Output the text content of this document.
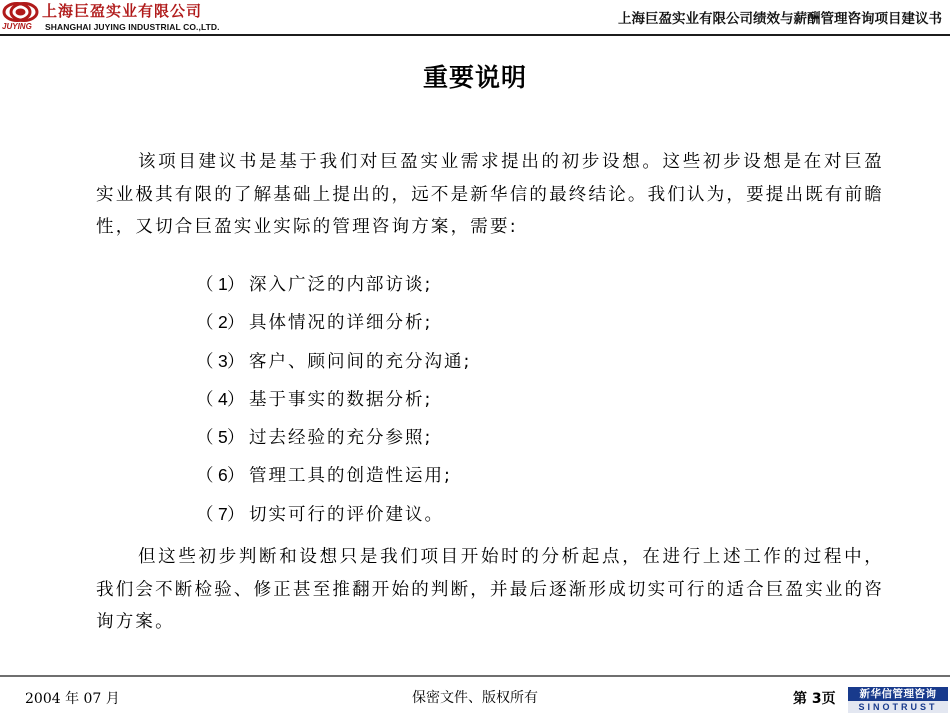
上海巨盈实业有限公司
JUYING SHANGHAI JUYING INDUSTRIAL CO.,LTD.	上海巨盈实业有限公司绩效与薪酬管理咨询项目建议书
重要说明

该项目建议书是基于我们对巨盈实业需求提出的初步设想。这些初步设想是在对巨盈实业极其有限的了解基础上提出的，远不是新华信的最终结论。我们认为，要提出既有前瞻性，又切合巨盈实业实际的管理咨询方案，需要:

（ 1） 深入广泛的内部访谈;
（ 2） 具体情况的详细分析;
（ 3） 客户、顾问间的充分沟通;
（ 4） 基于事实的数据分析;
（ 5） 过去经验的充分参照;
（ 6） 管理工具的创造性运用;
（ 7） 切实可行的评价建议。

但这些初步判断和设想只是我们项目开始时的分析起点，在进行上述工作的过程中，我们会不断检验、修正甚至推翻开始的判断，并最后逐渐形成切实可行的适合巨盈实业的咨询方案。

2004 年 07 月	保密文件、版权所有	第 3页	新华信管理咨询
SINOTRUST
